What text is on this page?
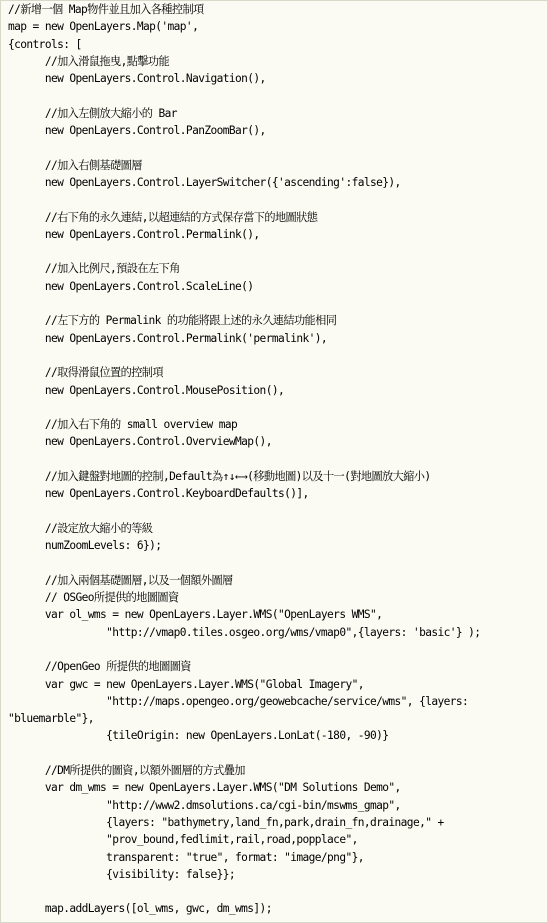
//新增一個 Map物件並且加入各種控制項
map = new OpenLayers.Map('map',
{controls: [
//加入滑鼠拖曳,點擊功能
new OpenLayers.Control.Navigation(),
//加入左側放大縮小的 Bar
new OpenLayers.Control.PanZoomBar(),
//加入右側基礎圖層
new OpenLayers.Control.LayerSwitcher({'ascending':false}),
//右下角的永久連結,以超連結的方式保存當下的地圖狀態
new OpenLayers.Control.Permalink(),
//加入比例尺,預設在左下角
new OpenLayers.Control.ScaleLine()
//左下方的 Permalink 的功能將跟上述的永久連結功能相同
new OpenLayers.Control.Permalink('permalink'),
//取得滑鼠位置的控制項
new OpenLayers.Control.MousePosition(),
//加入右下角的 small overview map
new OpenLayers.Control.OverviewMap(),
//加入鍵盤對地圖的控制,Default為↑↓←→(移動地圖)以及十一(對地圖放大縮小)
new OpenLayers.Control.KeyboardDefaults()],
//設定放大縮小的等級
numZoomLevels: 6});
//加入兩個基礎圖層,以及一個額外圖層
// OSGeo所提供的地圖圖資
var ol_wms = new OpenLayers.Layer.WMS("OpenLayers WMS",
"http://vmap0.tiles.osgeo.org/wms/vmap0",{layers: 'basic'} );
//OpenGeo 所提供的地圖圖資
var gwc = new OpenLayers.Layer.WMS("Global Imagery",
"http://maps.opengeo.org/geowebcache/service/wms", {layers:
"bluemarble"},
{tileOrigin: new OpenLayers.LonLat(-180, -90)}
//DM所提供的圖資,以額外圖層的方式疊加
var dm_wms = new OpenLayers.Layer.WMS("DM Solutions Demo",
"http://www2.dmsolutions.ca/cgi-bin/mswms_gmap",
{layers: "bathymetry,land_fn,park,drain_fn,drainage," +
"prov_bound,fedlimit,rail,road,popplace",
transparent: "true", format: "image/png"},
{visibility: false}};
map.addLayers([ol_wms, gwc, dm_wms]);
